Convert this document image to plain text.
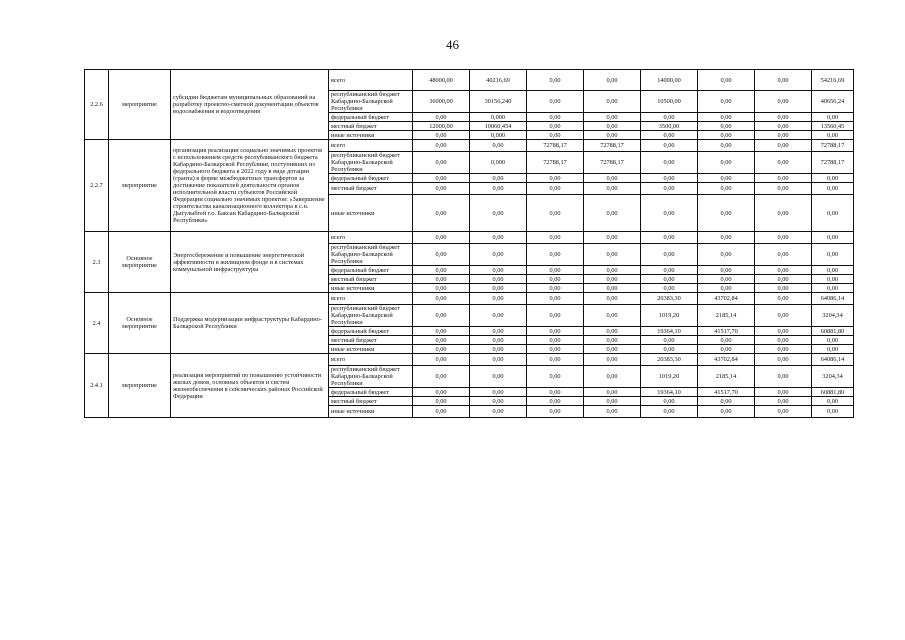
46
2.2.6	мероприятие	субсидии бюджетам муниципальных образований на разработку проектно-сметной документации объектов водоснабжения и водоотведения	всего	48000,00	40216,69	0,00	0,00	14000,00	0,00	0,00	54216,69
			республиканский бюджет Кабардино-Балкарской Республики	36000,00	30156,240	0,00	0,00	10500,00	0,00	0,00	40656,24
			федеральный бюджет	0,00	0,000	0,00	0,00	0,00	0,00	0,00	0,00
			местный бюджет	12000,00	10060,454	0,00	0,00	3500,00	0,00	0,00	13560,45
			иные источники	0,00	0,000	0,00	0,00	0,00	0,00	0,00	0,00
2.2.7	мероприятие	организация реализации социально значимых проектов с использованием средств республиканского бюджета Кабардино-Балкарской Республики, поступивших из федерального бюджета в 2022 году в виде дотации (гранта) в форме межбюджетных трансфертов за достижение показателей деятельности органов исполнительной власти субъектов Российской Федерации социально значимых проектов: «Завершение строительства канализационного коллектора в с.п. Дыгулыбгей г.о. Баксан Кабардино-Балкарской Республики»	всего	0,00	0,00	72788,17	72788,17	0,00	0,00	0,00	72788,17
			республиканский бюджет Кабардино-Балкарской Республики	0,00	0,000	72788,17	72788,17	0,00	0,00	0,00	72788,17
			федеральный бюджет	0,00	0,00	0,00	0,00	0,00	0,00	0,00	0,00
			местный бюджет	0,00	0,00	0,00	0,00	0,00	0,00	0,00	0,00
			иные источники	0,00	0,00	0,00	0,00	0,00	0,00	0,00	0,00
2.3	Основное мероприятие	Энергосбережение и повышение энергетической эффективности в жилищном фонде и в системах коммунальной инфраструктуры	всего	0,00	0,00	0,00	0,00	0,00	0,00	0,00	0,00
			республиканский бюджет Кабардино-Балкарской Республики	0,00	0,00	0,00	0,00	0,00	0,00	0,00	0,00
			федеральный бюджет	0,00	0,00	0,00	0,00	0,00	0,00	0,00	0,00
			местный бюджет	0,00	0,00	0,00	0,00	0,00	0,00	0,00	0,00
			иные источники	0,00	0,00	0,00	0,00	0,00	0,00	0,00	0,00
2.4	Основное мероприятие	Поддержка модернизации инфраструктуры Кабардино-Балкарской Республики	всего	0,00	0,00	0,00	0,00	20383,30	43702,84	0,00	64086,14
			республиканский бюджет Кабардино-Балкарской Республики	0,00	0,00	0,00	0,00	1019,20	2185,14	0,00	3204,34
			федеральный бюджет	0,00	0,00	0,00	0,00	19364,10	41517,70	0,00	60881,80
			местный бюджет	0,00	0,00	0,00	0,00	0,00	0,00	0,00	0,00
			иные источники	0,00	0,00	0,00	0,00	0,00	0,00	0,00	0,00
2.4.1	мероприятие	реализация мероприятий по повышению устойчивости жилых домов, основных объектов и систем жизнеобеспечения в сейсмических районах Российской Федерации	всего	0,00	0,00	0,00	0,00	20383,30	43702,84	0,00	64086,14
			республиканский бюджет Кабардино-Балкарской Республики	0,00	0,00	0,00	0,00	1019,20	2185,14	0,00	3204,34
			федеральный бюджет	0,00	0,00	0,00	0,00	19364,10	41517,70	0,00	60881,80
			местный бюджет	0,00	0,00	0,00	0,00	0,00	0,00	0,00	0,00
			иные источники	0,00	0,00	0,00	0,00	0,00	0,00	0,00	0,00
